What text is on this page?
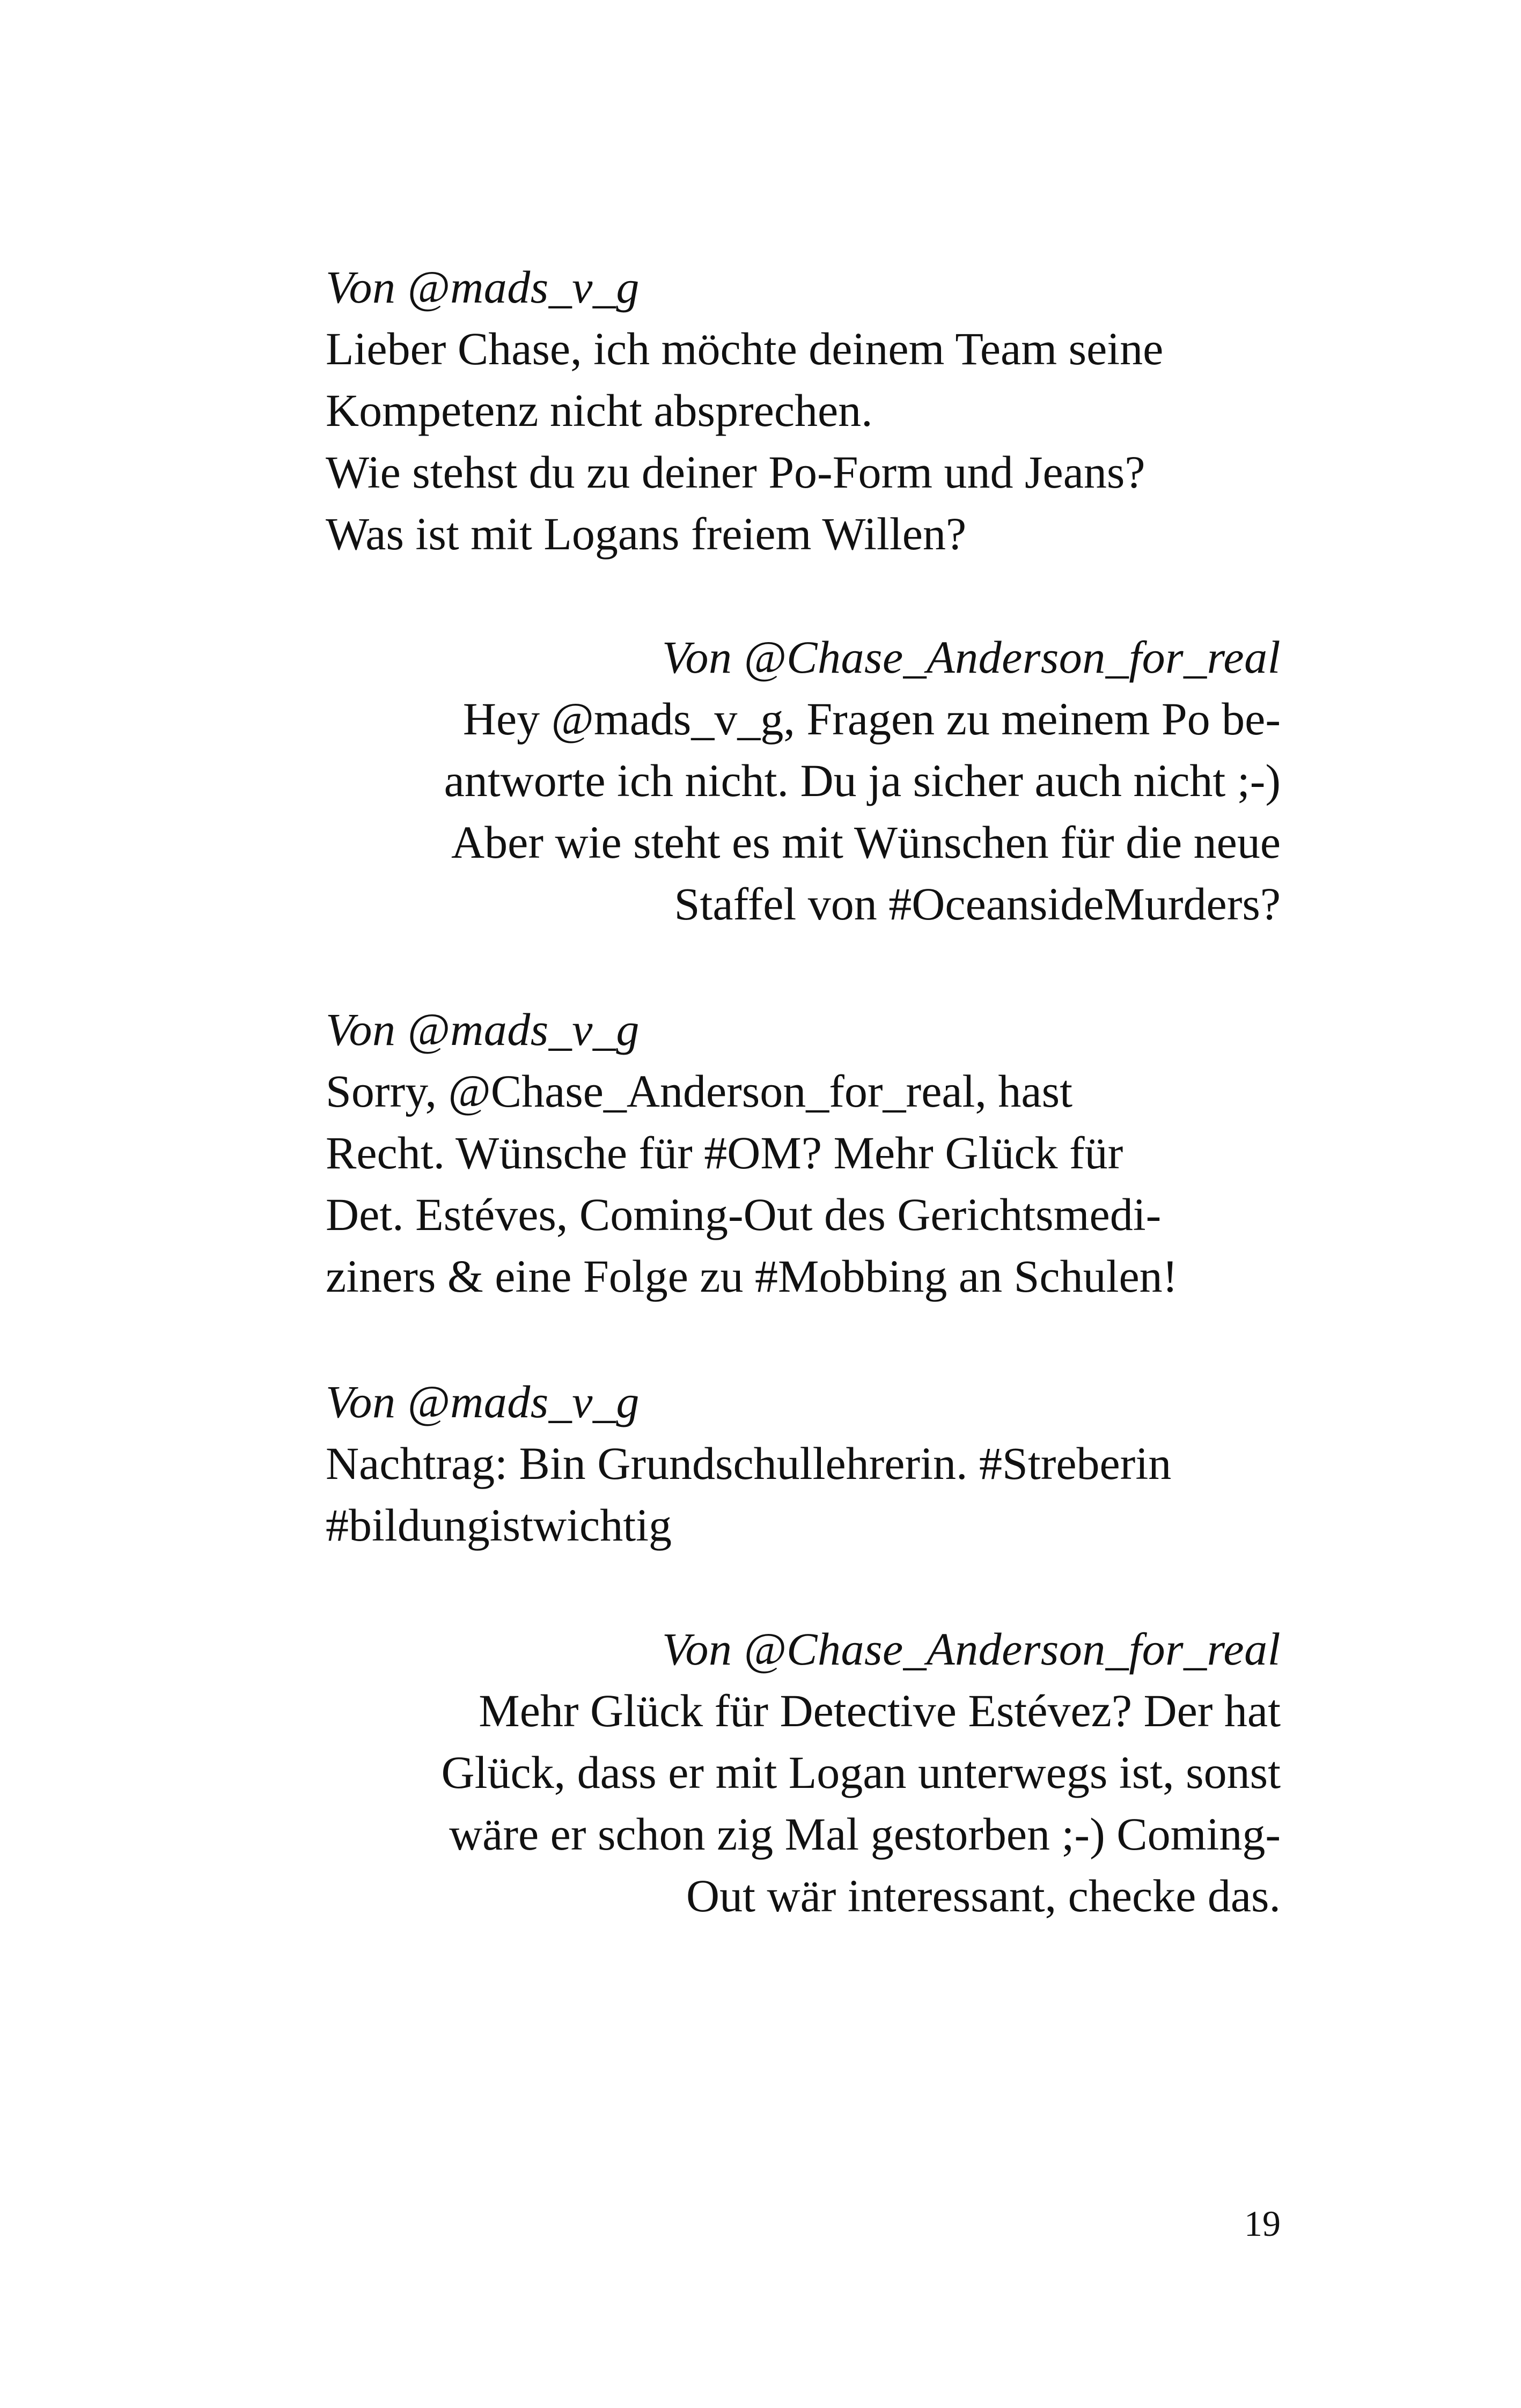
Von @mads_v_g
Lieber Chase, ich möchte deinem Team seine
Kompetenz nicht absprechen.
Wie stehst du zu deiner Po-Form und Jeans?
Was ist mit Logans freiem Willen?
Von @Chase_Anderson_for_real
Hey @mads_v_g, Fragen zu meinem Po be-
antworte ich nicht. Du ja sicher auch nicht ;-)
Aber wie steht es mit Wünschen für die neue
Staffel von #OceansideMurders?
Von @mads_v_g
Sorry, @Chase_Anderson_for_real, hast
Recht. Wünsche für #OM? Mehr Glück für
Det. Estéves, Coming-Out des Gerichtsmedi-
ziners & eine Folge zu #Mobbing an Schulen!
Von @mads_v_g
Nachtrag: Bin Grundschullehrerin. #Streberin
#bildungistwichtig
Von @Chase_Anderson_for_real
Mehr Glück für Detective Estévez? Der hat
Glück, dass er mit Logan unterwegs ist, sonst
wäre er schon zig Mal gestorben ;-) Coming-
Out wär interessant, checke das.
19
